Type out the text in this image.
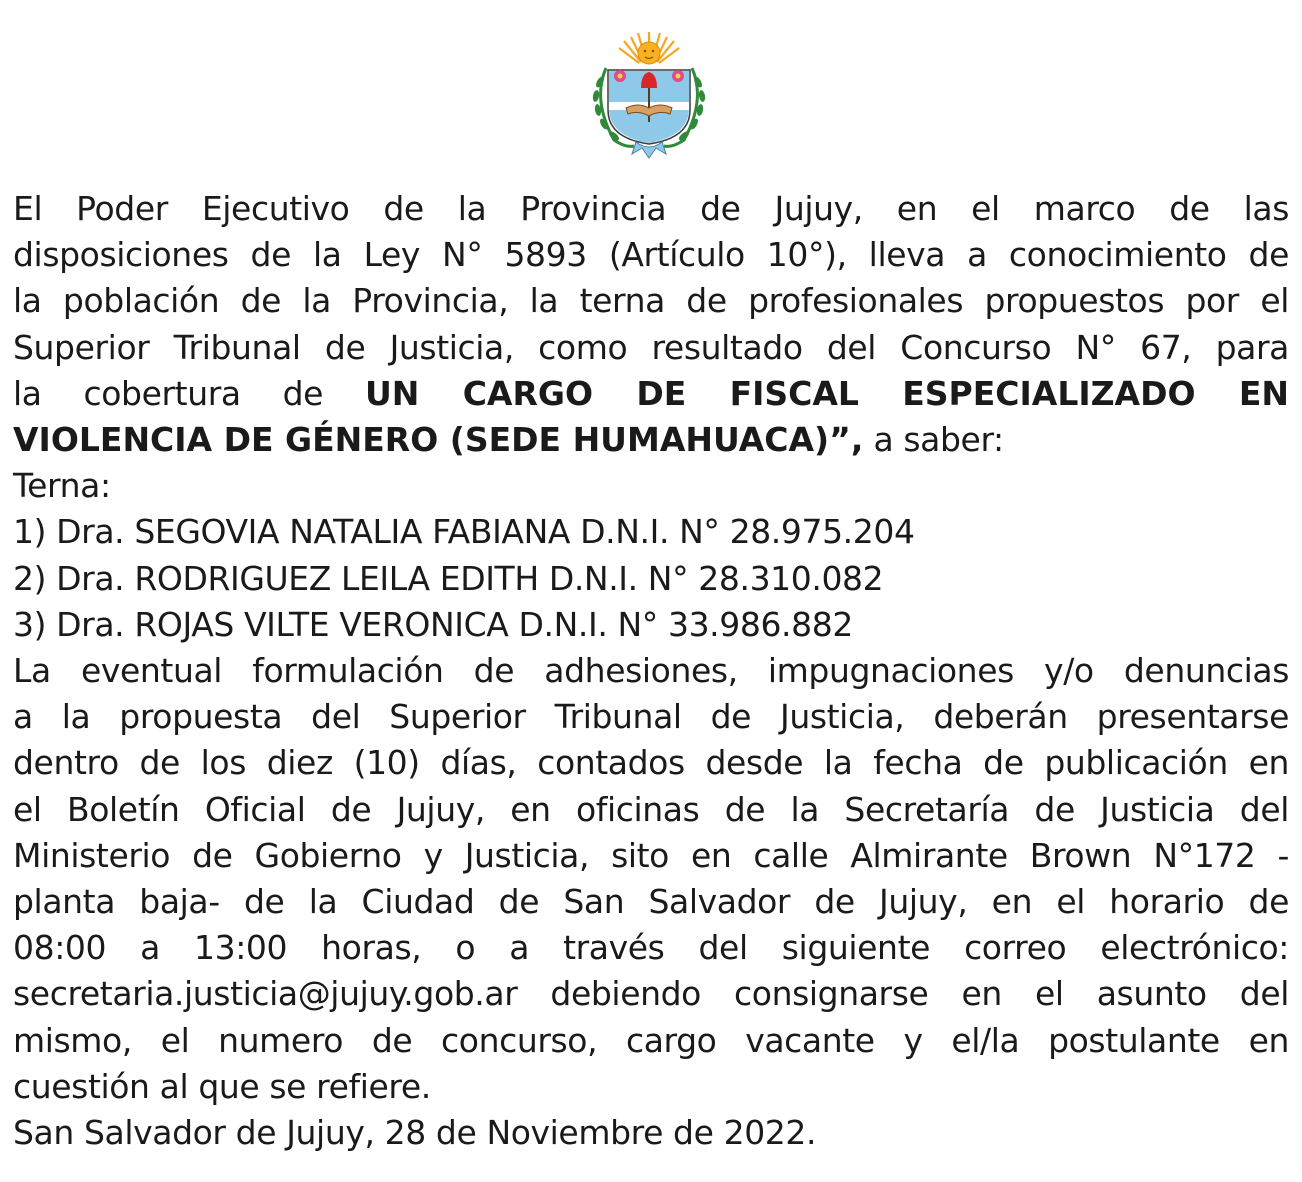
El Poder Ejecutivo de la Provincia de Jujuy, en el marco de las

disposiciones de la Ley N° 5893 (Artículo 10°), lleva a conocimiento de

la población de la Provincia, la terna de profesionales propuestos por el

Superior Tribunal de Justicia, como resultado del Concurso N° 67, para

la cobertura de UN CARGO DE FISCAL ESPECIALIZADO EN

VIOLENCIA DE GÉNERO (SEDE HUMAHUACA)”, a saber:

Terna:

1) Dra. SEGOVIA NATALIA FABIANA D.N.I. N° 28.975.204

2) Dra. RODRIGUEZ LEILA EDITH D.N.I. N° 28.310.082

3) Dra. ROJAS VILTE VERONICA D.N.I. N° 33.986.882

La eventual formulación de adhesiones, impugnaciones y/o denuncias

a la propuesta del Superior Tribunal de Justicia, deberán presentarse

dentro de los diez (10) días, contados desde la fecha de publicación en

el Boletín Oficial de Jujuy, en oficinas de la Secretaría de Justicia del

Ministerio de Gobierno y Justicia, sito en calle Almirante Brown N°172 -

planta baja- de la Ciudad de San Salvador de Jujuy, en el horario de

08:00 a 13:00 horas, o a través del siguiente correo electrónico:

secretaria.justicia@jujuy.gob.ar debiendo consignarse en el asunto del

mismo, el numero de concurso, cargo vacante y el/la postulante en

cuestión al que se refiere.

San Salvador de Jujuy, 28 de Noviembre de 2022.
